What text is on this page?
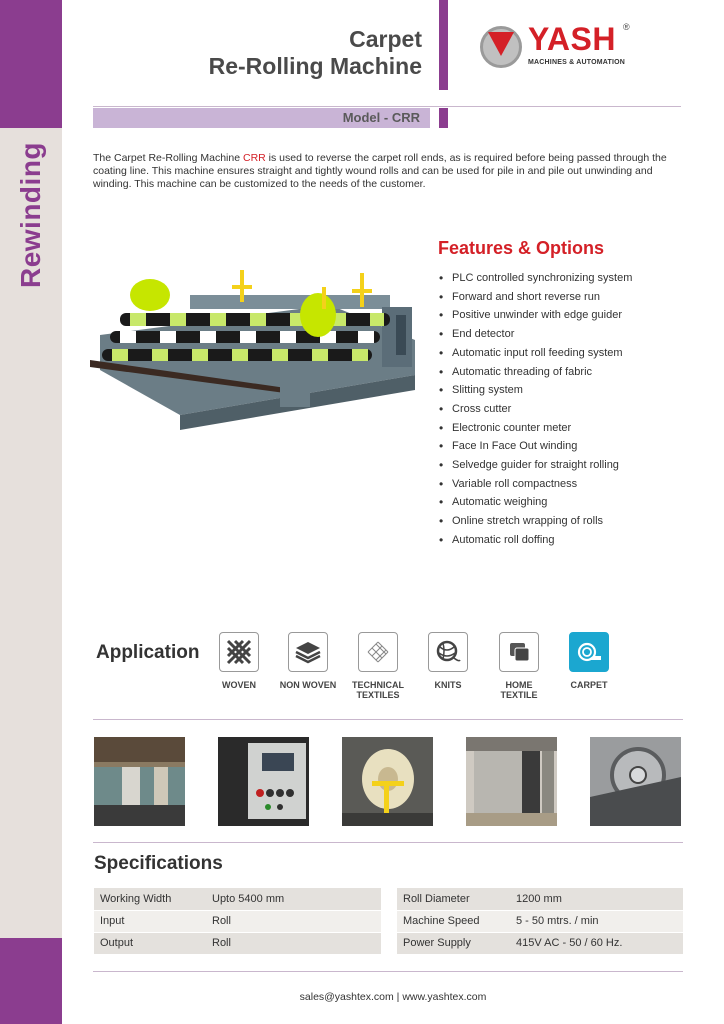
Rewinding
Carpet
Re-Rolling Machine
YASH ®
MACHINES & AUTOMATION
Model - CRR
The Carpet Re-Rolling Machine CRR is used to reverse the carpet roll ends, as is required before being passed through the coating line. This machine ensures straight and tightly wound rolls and can be used for pile in and pile out unwinding and winding. This machine can be customized to the needs of the customer.
Features & Options
• PLC controlled synchronizing system
• Forward and short reverse run
• Positive unwinder with edge guider
• End detector
• Automatic input roll feeding system
• Automatic threading of fabric
• Slitting system
• Cross cutter
• Electronic counter meter
• Face In Face Out winding
• Selvedge guider for straight rolling
• Variable roll compactness
• Automatic weighing
• Online stretch wrapping of rolls
• Automatic roll doffing
Application
WOVEN	NON WOVEN	TECHNICAL
TEXTILES
KNITS	HOME
TEXTILE
CARPET
Specifications
Working Width	Upto 5400 mm
Input	Roll
Output	Roll
Roll Diameter	1200 mm
Machine Speed	5 - 50 mtrs. / min
Power Supply	415V AC - 50 / 60 Hz.
sales@yashtex.com | www.yashtex.com
